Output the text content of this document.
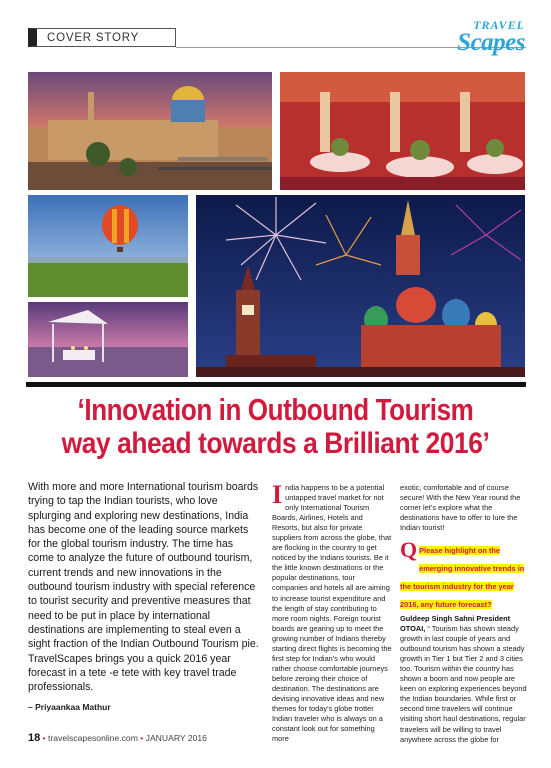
COVER STORY
TRAVEL
Scapes
‘Innovation in Outbound Tourism
way ahead towards a Brilliant 2016’
With more and more International tourism boards trying to tap the Indian tourists, who love splurging and exploring new destinations, India has become one of the leading source markets for the global tourism industry. The time has come to analyze the future of outbound tourism, current trends and new innovations in the outbound tourism industry with special reference to tourist security and preventive measures that need to be put in place by international destinations are implementing to steal even a sight fraction of the Indian Outbound Tourism pie. TravelScapes brings you a quick 2016 year forecast in a tete -e tete with key travel trade professionals.
– Priyaankaa Mathur
India happens to be a potential untapped travel market for not only International Tourism Boards, Airlines, Hotels and Resorts, but also for private suppliers from across the globe, that are flocking in the country to get noticed by the Indians tourists. Be it the little known destinations or the popular destinations, tour companies and hotels all are aiming to increase tourist expenditure and the length of stay contributing to more room nights. Foreign tourist boards are gearing up to meet the growing number of Indians thereby starting direct flights is becoming the first step for Indian’s who would rather choose comfortable journeys before zeroing their choice of destination. The destinations are devising innovative ideas and new themes for today’s globe trotter Indian traveler who is always on a constant look out for something more
exotic, comfortable and of course secure! With the New Year round the corner let’s explore what the destinations have to offer to lure the Indian tourist!
Q Please highlight on the emerging innovative trends in the tourism industry for the year 2016, any future forecast?
Guldeep Singh Sahni President OTOAI, “ Tourism has shown steady growth in last couple of years and outbound tourism has shown a steady growth in Tier 1 but Tier 2 and 3 cities too. Tourism within the country has shown a boom and now people are keen on exploring experiences beyond the Indian boundaries. While first or second time travelers will continue visiting short haul destinations, regular travelers will be willing to travel anywhere across the globe for
18 • travelscapesonline.com • JANUARY 2016
